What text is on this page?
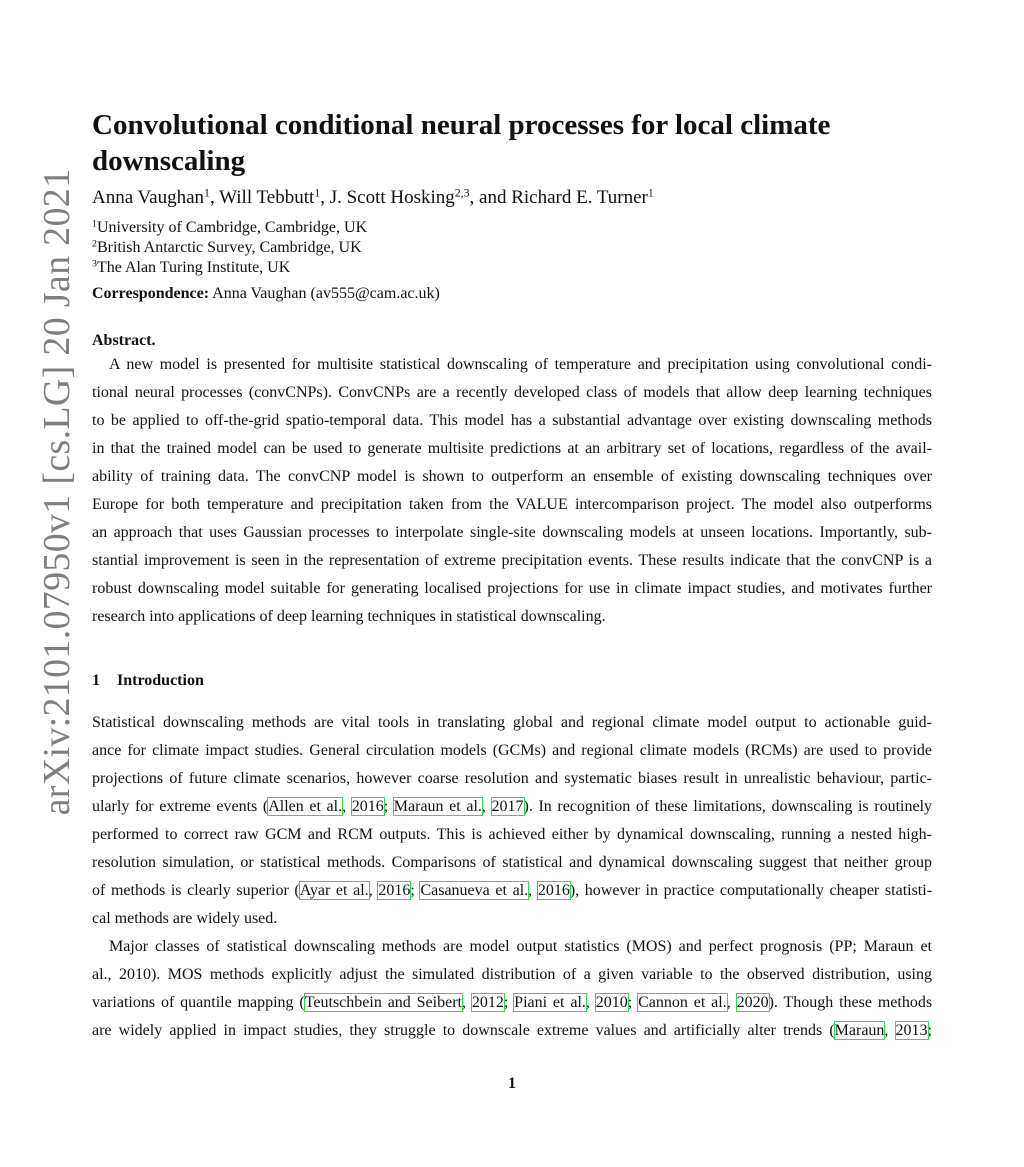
arXiv:2101.07950v1 [cs.LG] 20 Jan 2021
Convolutional conditional neural processes for local climate downscaling
Anna Vaughan$^1$, Will Tebbutt$^1$, J. Scott Hosking$^{2,3}$, and Richard E. Turner$^1$
$^1$University of Cambridge, Cambridge, UK
$^2$British Antarctic Survey, Cambridge, UK
$^3$The Alan Turing Institute, UK
Correspondence: Anna Vaughan (av555@cam.ac.uk)
Abstract.
A new model is presented for multisite statistical downscaling of temperature and precipitation using convolutional condi-
tional neural processes (convCNPs). ConvCNPs are a recently developed class of models that allow deep learning techniques
to be applied to off-the-grid spatio-temporal data. This model has a substantial advantage over existing downscaling methods
in that the trained model can be used to generate multisite predictions at an arbitrary set of locations, regardless of the avail-
ability of training data. The convCNP model is shown to outperform an ensemble of existing downscaling techniques over
Europe for both temperature and precipitation taken from the VALUE intercomparison project. The model also outperforms
an approach that uses Gaussian processes to interpolate single-site downscaling models at unseen locations. Importantly, sub-
stantial improvement is seen in the representation of extreme precipitation events. These results indicate that the convCNP is a
robust downscaling model suitable for generating localised projections for use in climate impact studies, and motivates further
research into applications of deep learning techniques in statistical downscaling.
1 Introduction
Statistical downscaling methods are vital tools in translating global and regional climate model output to actionable guid-
ance for climate impact studies. General circulation models (GCMs) and regional climate models (RCMs) are used to provide
projections of future climate scenarios, however coarse resolution and systematic biases result in unrealistic behaviour, partic-
ularly for extreme events (Allen et al., 2016; Maraun et al., 2017). In recognition of these limitations, downscaling is routinely
performed to correct raw GCM and RCM outputs. This is achieved either by dynamical downscaling, running a nested high-
resolution simulation, or statistical methods. Comparisons of statistical and dynamical downscaling suggest that neither group
of methods is clearly superior (Ayar et al., 2016; Casanueva et al., 2016), however in practice computationally cheaper statisti-
cal methods are widely used.
Major classes of statistical downscaling methods are model output statistics (MOS) and perfect prognosis (PP; Maraun et
al., 2010). MOS methods explicitly adjust the simulated distribution of a given variable to the observed distribution, using
variations of quantile mapping (Teutschbein and Seibert, 2012; Piani et al., 2010; Cannon et al., 2020). Though these methods
are widely applied in impact studies, they struggle to downscale extreme values and artificially alter trends (Maraun, 2013;
1
